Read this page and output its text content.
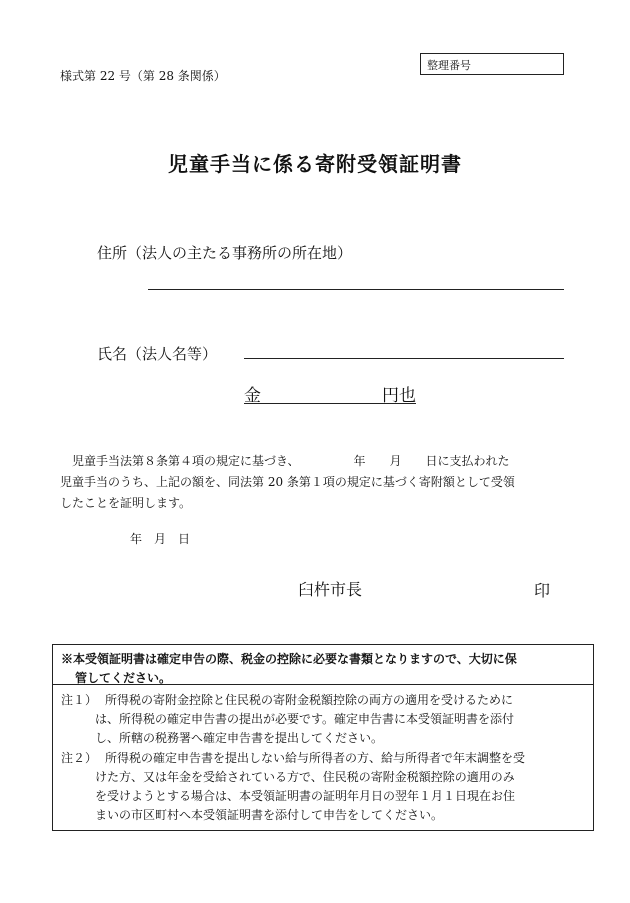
様式第 22 号（第 28 条関係）
整理番号
児童手当に係る寄附受領証明書
住所（法人の主たる事務所の所在地）
氏名（法人名等）
金	円也
　児童手当法第８条第４項の規定に基づき、　　　　　年　　月　　日に支払われた
児童手当のうち、上記の額を、同法第 20 条第１項の規定に基づく寄附額として受領
したことを証明します。
年　月　日
臼杵市長	印
※本受領証明書は確定申告の際、税金の控除に必要な書類となりますので、大切に保
管してください。
注１） 所得税の寄附金控除と住民税の寄附金税額控除の両方の適用を受けるために
は、所得税の確定申告書の提出が必要です。確定申告書に本受領証明書を添付
し、所轄の税務署へ確定申告書を提出してください。
注２） 所得税の確定申告書を提出しない給与所得者の方、給与所得者で年末調整を受
けた方、又は年金を受給されている方で、住民税の寄附金税額控除の適用のみ
を受けようとする場合は、本受領証明書の証明年月日の翌年１月１日現在お住
まいの市区町村へ本受領証明書を添付して申告をしてください。
